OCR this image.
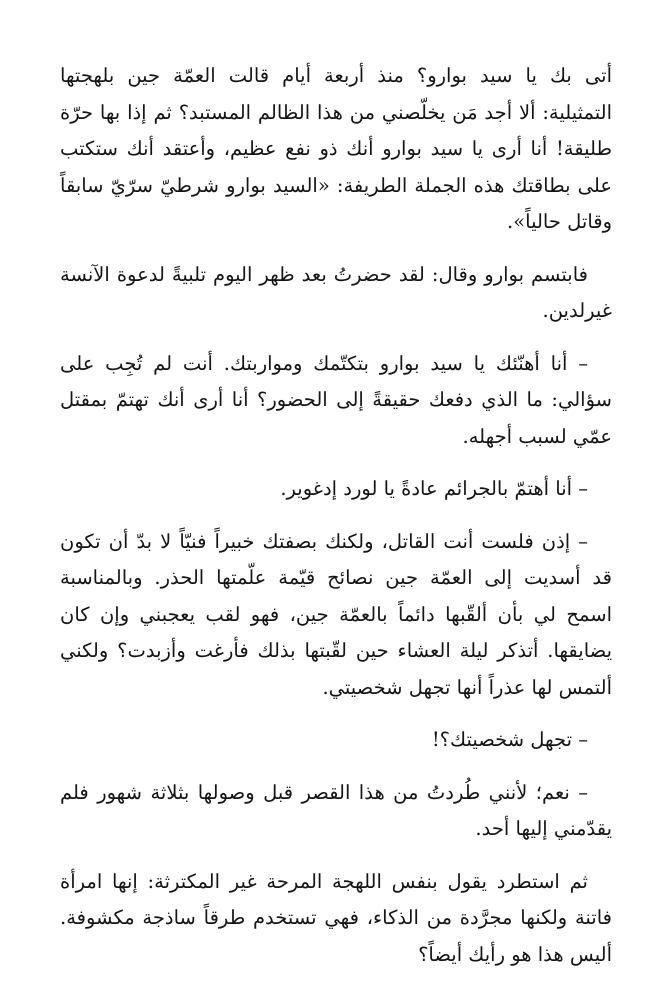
أتى بك يا سيد بوارو؟ منذ أربعة أيام قالت العمّة جين بلهجتها التمثيلية: ألا أجد مَن يخلّصني من هذا الظالم المستبد؟ ثم إذا بها حرّة طليقة! أنا أرى يا سيد بوارو أنك ذو نفع عظيم، وأعتقد أنك ستكتب على بطاقتك هذه الجملة الطريفة: «السيد بوارو شرطيّ سرّيّ سابقاً وقاتل حالياً».

فابتسم بوارو وقال: لقد حضرتُ بعد ظهر اليوم تلبيةً لدعوة الآنسة غيرلدين.

– أنا أهنّئك يا سيد بوارو بتكتّمك ومواربتك. أنت لم تُجِب على سؤالي: ما الذي دفعك حقيقةً إلى الحضور؟ أنا أرى أنك تهتمّ بمقتل عمّي لسبب أجهله.

– أنا أهتمّ بالجرائم عادةً يا لورد إدغوير.

– إذن فلست أنت القاتل، ولكنك بصفتك خبيراً فنيّاً لا بدّ أن تكون قد أسديت إلى العمّة جين نصائح قيّمة علّمتها الحذر. وبالمناسبة اسمح لي بأن ألقّبها دائماً بالعمّة جين، فهو لقب يعجبني وإن كان يضايقها. أتذكر ليلة العشاء حين لقّبتها بذلك فأرغت وأزبدت؟ ولكني ألتمس لها عذراً أنها تجهل شخصيتي.

– تجهل شخصيتك؟!

– نعم؛ لأنني طُردتُ من هذا القصر قبل وصولها بثلاثة شهور فلم يقدّمني إليها أحد.

ثم استطرد يقول بنفس اللهجة المرحة غير المكترثة: إنها امرأة فاتنة ولكنها مجرَّدة من الذكاء، فهي تستخدم طرقاً ساذجة مكشوفة. أليس هذا هو رأيك أيضاً؟
